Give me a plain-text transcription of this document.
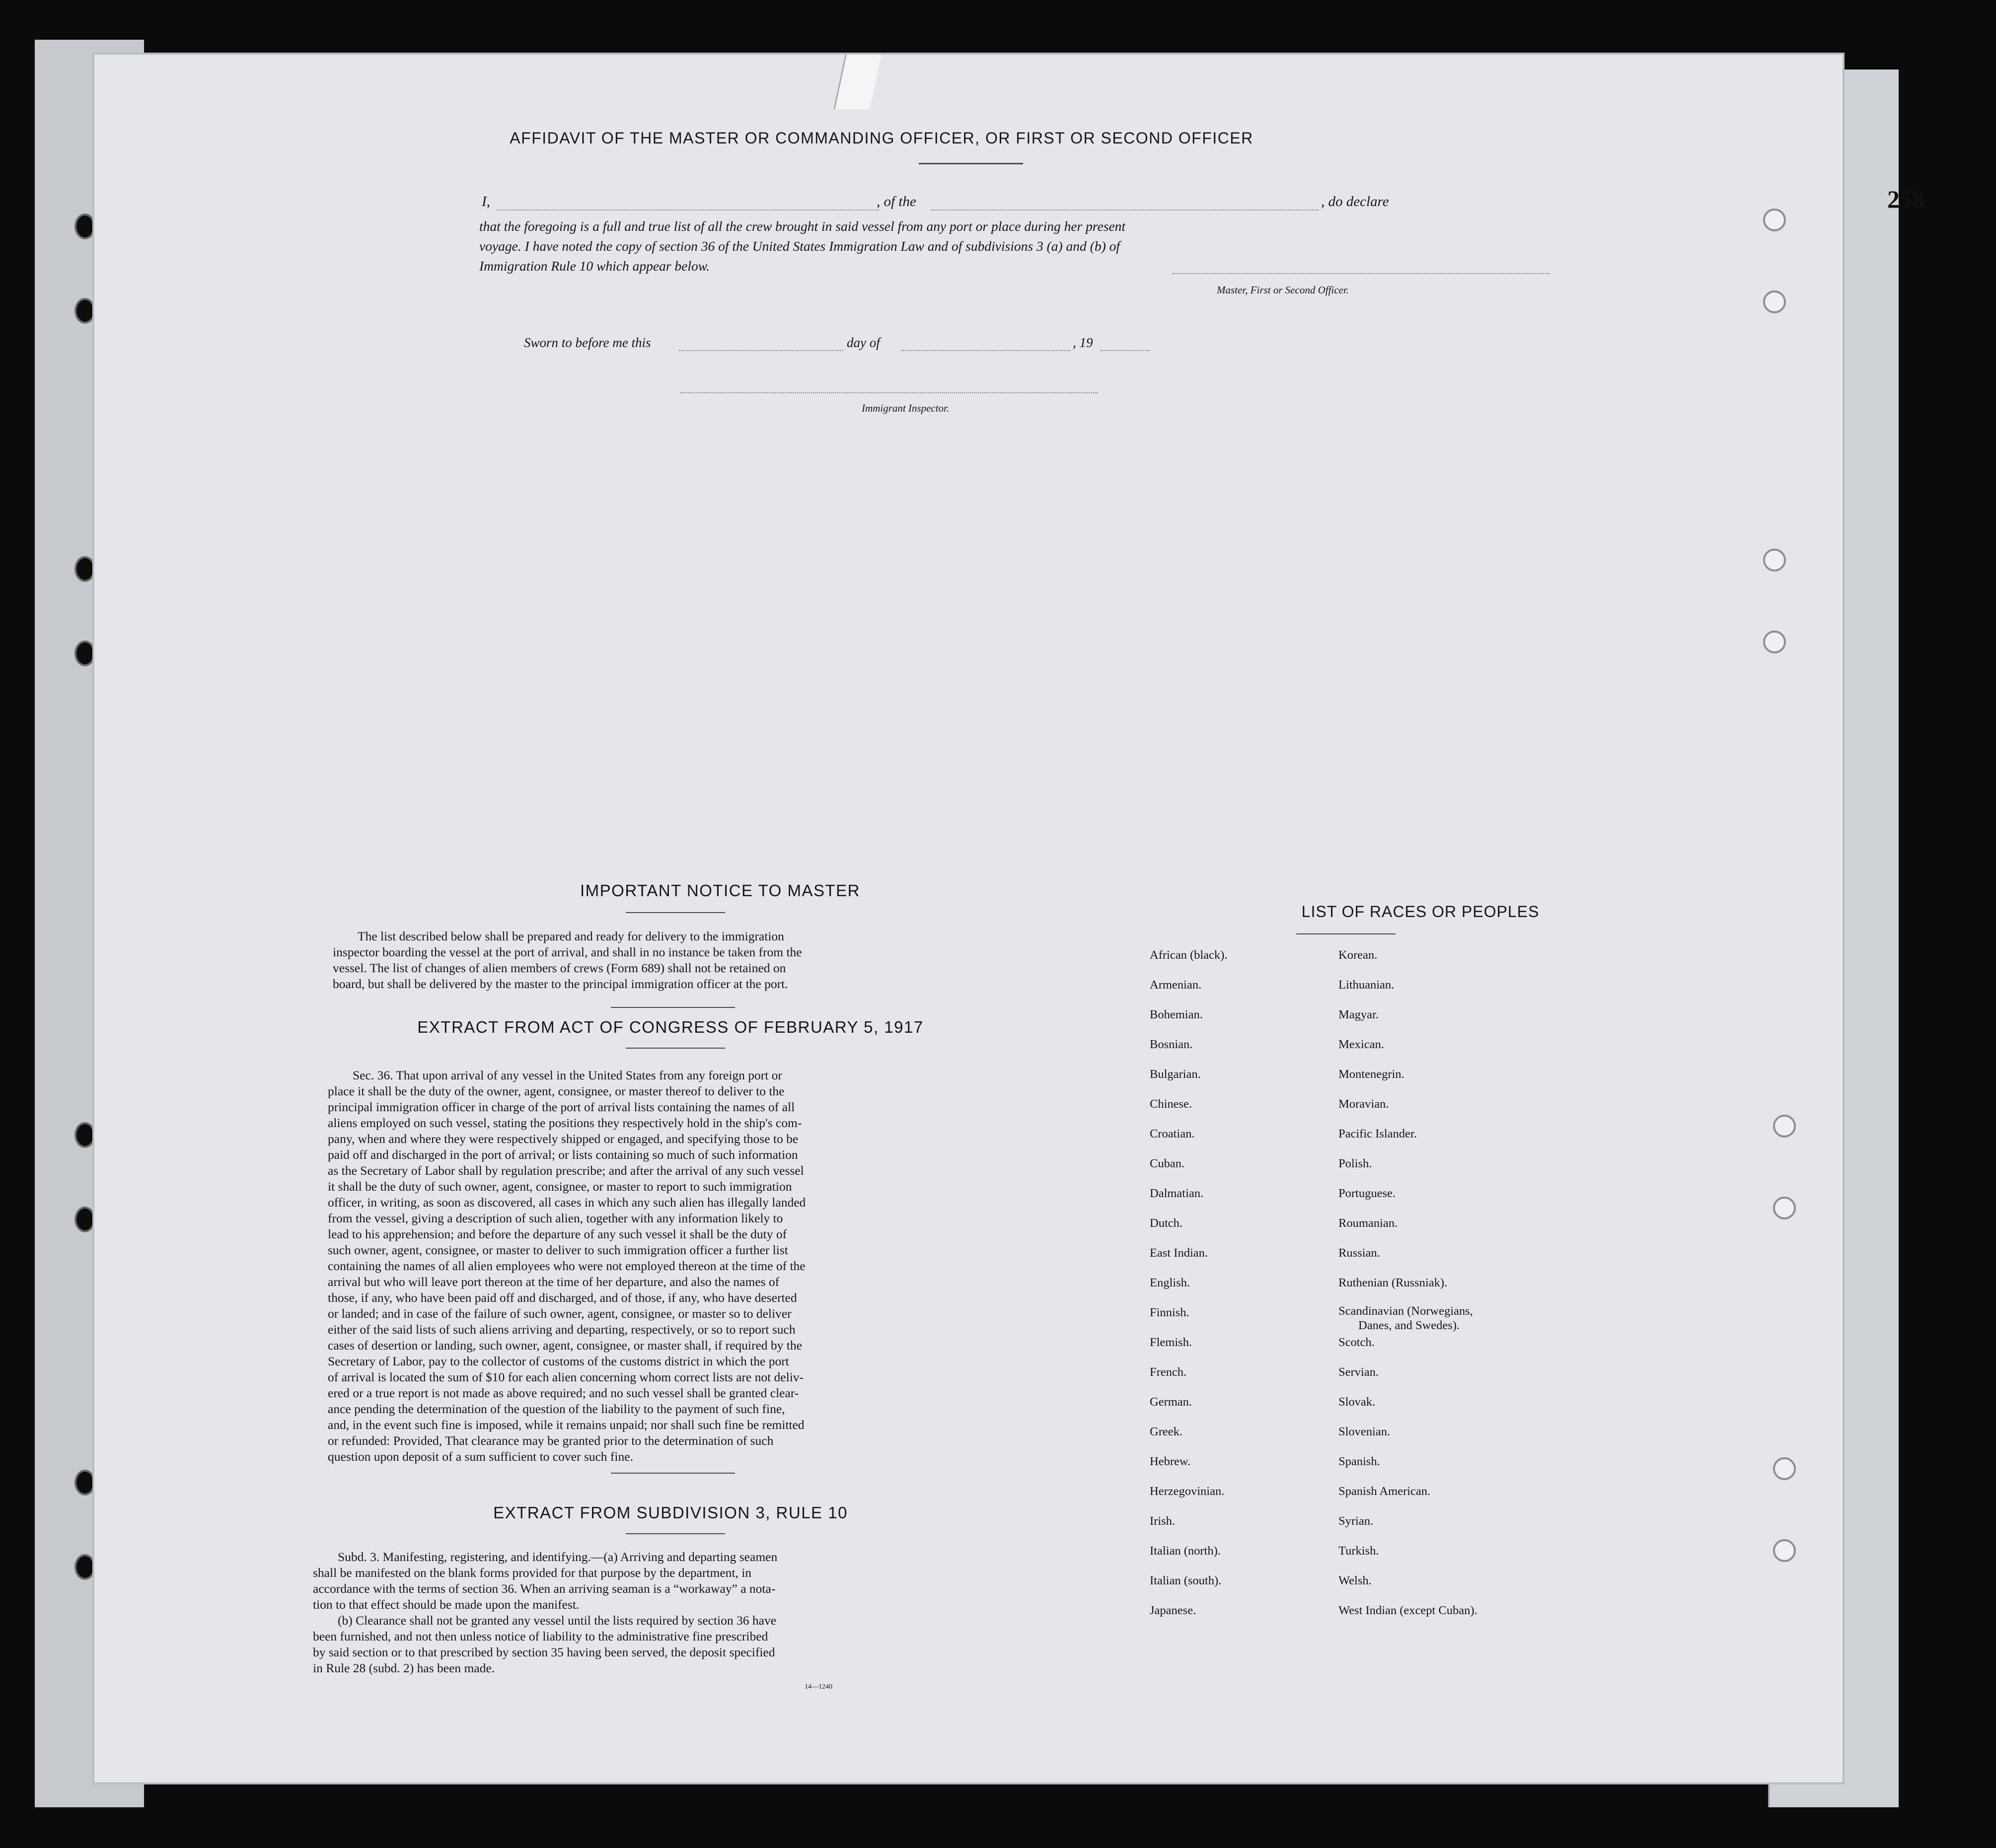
258
AFFIDAVIT OF THE MASTER OR COMMANDING OFFICER, OR FIRST OR SECOND OFFICER
I,	, of the	, do declare
that the foregoing is a full and true list of all the crew brought in said vessel from any port or place during her present
voyage. I have noted the copy of section 36 of the United States Immigration Law and of subdivisions 3 (a) and (b) of
Immigration Rule 10 which appear below.
Master, First or Second Officer.
Sworn to before me this	day of	, 19
Immigrant Inspector.
IMPORTANT NOTICE TO MASTER
The list described below shall be prepared and ready for delivery to the immigration
inspector boarding the vessel at the port of arrival, and shall in no instance be taken from the
vessel. The list of changes of alien members of crews (Form 689) shall not be retained on
board, but shall be delivered by the master to the principal immigration officer at the port.
EXTRACT FROM ACT OF CONGRESS OF FEBRUARY 5, 1917
Sec. 36. That upon arrival of any vessel in the United States from any foreign port or
place it shall be the duty of the owner, agent, consignee, or master thereof to deliver to the
principal immigration officer in charge of the port of arrival lists containing the names of all
aliens employed on such vessel, stating the positions they respectively hold in the ship's com-
pany, when and where they were respectively shipped or engaged, and specifying those to be
paid off and discharged in the port of arrival; or lists containing so much of such information
as the Secretary of Labor shall by regulation prescribe; and after the arrival of any such vessel
it shall be the duty of such owner, agent, consignee, or master to report to such immigration
officer, in writing, as soon as discovered, all cases in which any such alien has illegally landed
from the vessel, giving a description of such alien, together with any information likely to
lead to his apprehension; and before the departure of any such vessel it shall be the duty of
such owner, agent, consignee, or master to deliver to such immigration officer a further list
containing the names of all alien employees who were not employed thereon at the time of the
arrival but who will leave port thereon at the time of her departure, and also the names of
those, if any, who have been paid off and discharged, and of those, if any, who have deserted
or landed; and in case of the failure of such owner, agent, consignee, or master so to deliver
either of the said lists of such aliens arriving and departing, respectively, or so to report such
cases of desertion or landing, such owner, agent, consignee, or master shall, if required by the
Secretary of Labor, pay to the collector of customs of the customs district in which the port
of arrival is located the sum of $10 for each alien concerning whom correct lists are not deliv-
ered or a true report is not made as above required; and no such vessel shall be granted clear-
ance pending the determination of the question of the liability to the payment of such fine,
and, in the event such fine is imposed, while it remains unpaid; nor shall such fine be remitted
or refunded: Provided, That clearance may be granted prior to the determination of such
question upon deposit of a sum sufficient to cover such fine.
EXTRACT FROM SUBDIVISION 3, RULE 10
Subd. 3. Manifesting, registering, and identifying.—(a) Arriving and departing seamen
shall be manifested on the blank forms provided for that purpose by the department, in
accordance with the terms of section 36. When an arriving seaman is a “workaway” a nota-
tion to that effect should be made upon the manifest.
(b) Clearance shall not be granted any vessel until the lists required by section 36 have
been furnished, and not then unless notice of liability to the administrative fine prescribed
by said section or to that prescribed by section 35 having been served, the deposit specified
in Rule 28 (subd. 2) has been made.
14—1240
LIST OF RACES OR PEOPLES
African (black).
Armenian.
Bohemian.
Bosnian.
Bulgarian.
Chinese.
Croatian.
Cuban.
Dalmatian.
Dutch.
East Indian.
English.
Finnish.
Flemish.
French.
German.
Greek.
Hebrew.
Herzegovinian.
Irish.
Italian (north).
Italian (south).
Japanese.
Korean.
Lithuanian.
Magyar.
Mexican.
Montenegrin.
Moravian.
Pacific Islander.
Polish.
Portuguese.
Roumanian.
Russian.
Ruthenian (Russniak).
Scandinavian (Norwegians,
Danes, and Swedes).
Scotch.
Servian.
Slovak.
Slovenian.
Spanish.
Spanish American.
Syrian.
Turkish.
Welsh.
West Indian (except Cuban).
